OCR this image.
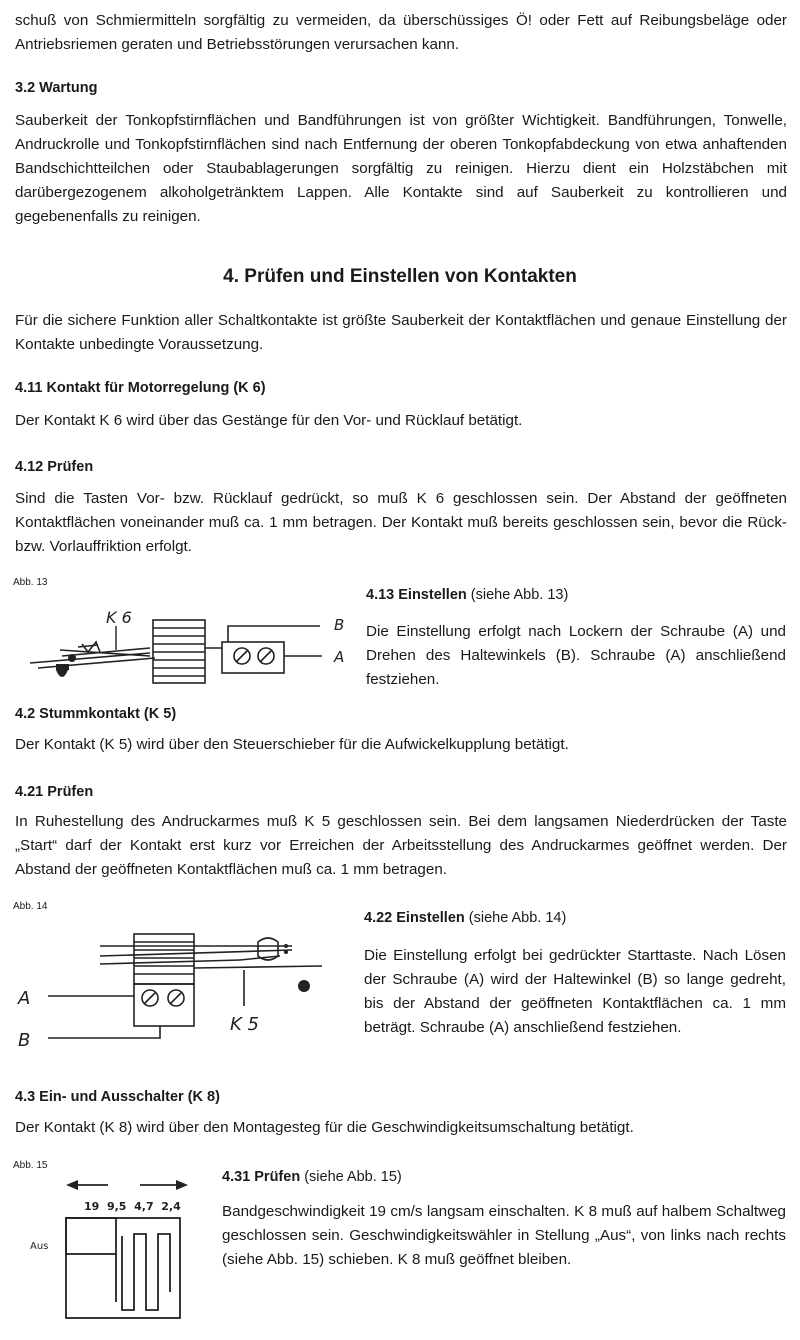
schuß von Schmiermitteln sorgfältig zu vermeiden, da überschüssiges Ö! oder Fett auf Reibungsbeläge oder Antriebsriemen geraten und Betriebsstörungen verursachen kann.

3.2 Wartung

Sauberkeit der Tonkopfstirnflächen und Bandführungen ist von größter Wichtigkeit. Bandführungen, Tonwelle, Andruckrolle und Tonkopfstirnflächen sind nach Entfernung der oberen Tonkopfabdeckung von etwa anhaftenden Bandschichtteilchen oder Staubablagerungen sorgfältig zu reinigen. Hierzu dient ein Holzstäbchen mit darübergezogenem alkoholgetränktem Lappen. Alle Kontakte sind auf Sauberkeit zu kontrollieren und gegebenenfalls zu reinigen.

4. Prüfen und Einstellen von Kontakten

Für die sichere Funktion aller Schaltkontakte ist größte Sauberkeit der Kontaktflächen und genaue Einstellung der Kontakte unbedingte Voraussetzung.

4.11 Kontakt für Motorregelung (K 6)

Der Kontakt K 6 wird über das Gestänge für den Vor- und Rücklauf betätigt.

4.12 Prüfen

Sind die Tasten Vor- bzw. Rücklauf gedrückt, so muß K 6 geschlossen sein. Der Abstand der geöffneten Kontaktflächen voneinander muß ca. 1 mm betragen. Der Kontakt muß bereits geschlossen sein, bevor die Rück- bzw. Vorlauffriktion erfolgt.

Abb. 13

K 6	B
A

4.13 Einstellen (siehe Abb. 13)

Die Einstellung erfolgt nach Lockern der Schraube (A) und Drehen des Haltewinkels (B). Schraube (A) anschließend festziehen.

4.2 Stummkontakt (K 5)

Der Kontakt (K 5) wird über den Steuerschieber für die Aufwickelkupplung betätigt.

4.21 Prüfen

In Ruhestellung des Andruckarmes muß K 5 geschlossen sein. Bei dem langsamen Niederdrücken der Taste „Start“ darf der Kontakt erst kurz vor Erreichen der Arbeitsstellung des Andruckarmes geöffnet werden. Der Abstand der geöffneten Kontaktflächen muß ca. 1 mm betragen.

Abb. 14

A
B
K 5

4.22 Einstellen (siehe Abb. 14)

Die Einstellung erfolgt bei gedrückter Starttaste. Nach Lösen der Schraube (A) wird der Haltewinkel (B) so lange gedreht, bis der Abstand der geöffneten Kontaktflächen ca. 1 mm beträgt. Schraube (A) anschließend festziehen.

4.3 Ein- und Ausschalter (K 8)

Der Kontakt (K 8) wird über den Montagesteg für die Geschwindigkeitsumschaltung betätigt.

Abb. 15

19  9,5  4,7  2,4
Aus

4.31 Prüfen (siehe Abb. 15)

Bandgeschwindigkeit 19 cm/s langsam einschalten. K 8 muß auf halbem Schaltweg geschlossen sein. Geschwindigkeitswähler in Stellung „Aus“, von links nach rechts (siehe Abb. 15) schieben. K 8 muß geöffnet bleiben.
